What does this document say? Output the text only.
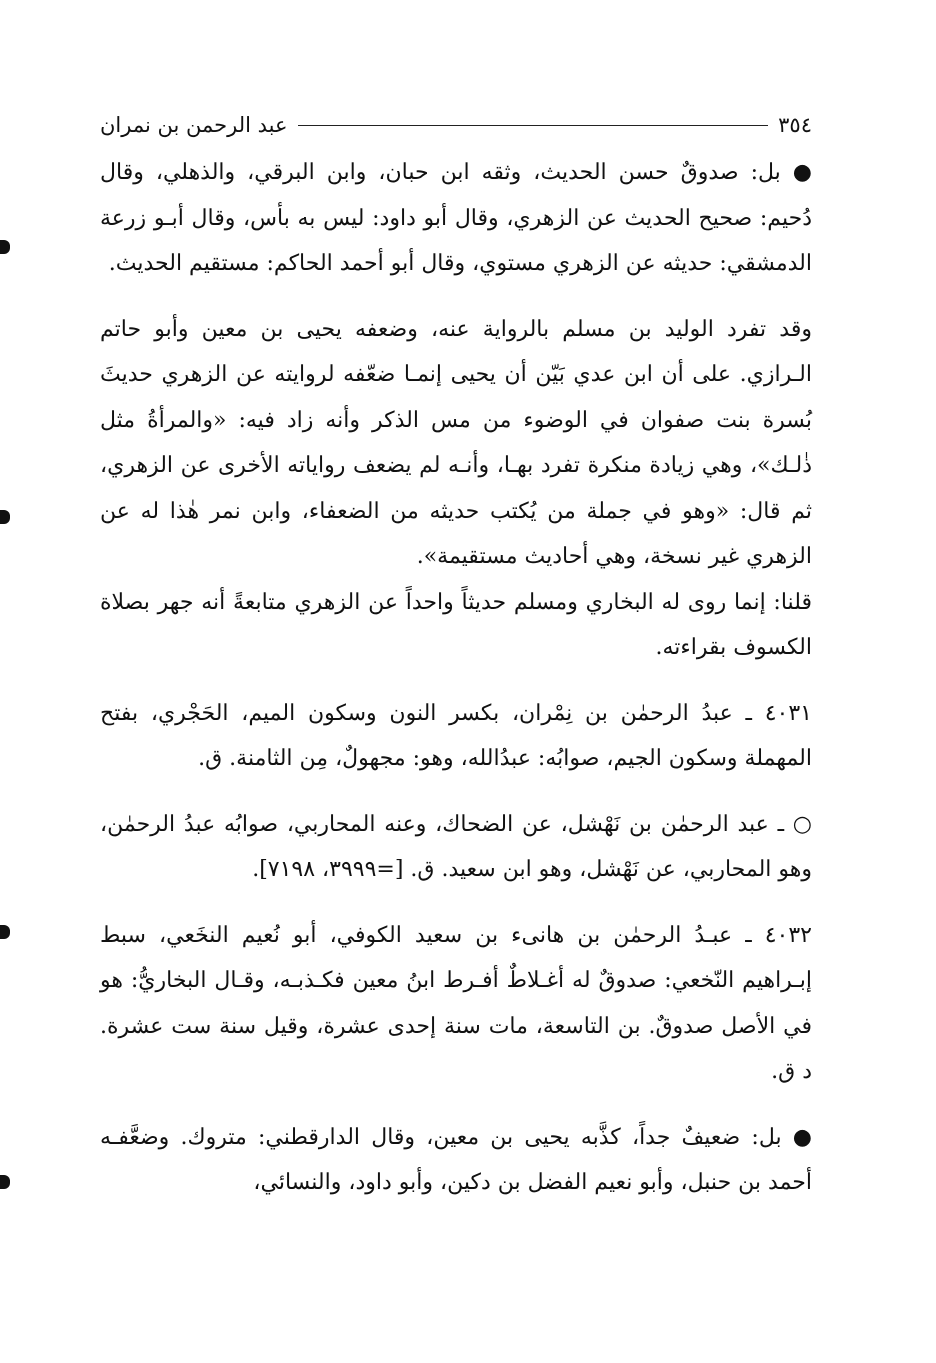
٣٥٤
عبد الرحمن بن نمران

● بل: صدوقٌ حسن الحديث، وثقه ابن حبان، وابن البرقي، والذهلي، وقال دُحيم: صحيح الحديث عن الزهري، وقال أبو داود: ليس به بأس، وقال أبـو زرعة الدمشقي: حديثه عن الزهري مستوي، وقال أبو أحمد الحاكم: مستقيم الحديث.

وقد تفرد الوليد بن مسلم بالرواية عنه، وضعفه يحيى بن معين وأبو حاتم الـرازي. على أن ابن عدي بَيّن أن يحيى إنمـا ضعّفه لروايته عن الزهري حديثَ بُسرة بنت صفوان في الوضوء من مس الذكر وأنه زاد فيه: «والمرأةُ مثل ذٰلـك»، وهي زيادة منكرة تفرد بهـا، وأنـه لم يضعف رواياته الأخرى عن الزهري، ثم قال: «وهو في جملة من يُكتب حديثه من الضعفاء، وابن نمر هٰذا له عن الزهري غير نسخة، وهي أحاديث مستقيمة».

قلنا: إنما روى له البخاري ومسلم حديثاً واحداً عن الزهري متابعةً أنه جهر بصلاة الكسوف بقراءته.

٤٠٣١ ـ عبدُ الرحمٰن بن نِمْران، بكسر النون وسكون الميم، الحَجْري، بفتح المهملة وسكون الجيم، صوابُه: عبدُالله، وهو: مجهولٌ، مِن الثامنة. ق.

○ ـ عبد الرحمٰن بن نَهْشل، عن الضحاك، وعنه المحاربي، صوابُه عبدُ الرحمٰن، وهو المحاربي، عن نَهْشل، وهو ابن سعيد. ق. [=٣٩٩٩، ٧١٩٨].

٤٠٣٢ ـ عبـدُ الرحمٰن بن هانىء بن سعيد الكوفي، أبو نُعيم النخَعي، سبط إبـراهيم النّخعي: صدوقٌ له أغـلاطٌ أفـرط ابنُ معين فكـذبـه، وقـال البخاريُّ: هو في الأصل صدوقٌ. بن التاسعة، مات سنة إحدى عشرة، وقيل سنة ست عشرة. د ق.

● بل: ضعيفٌ جداً، كذَّبه يحيى بن معين، وقال الدارقطني: متروك. وضعَّفـه أحمد بن حنبل، وأبو نعيم الفضل بن دكين، وأبو داود، والنسائي،
